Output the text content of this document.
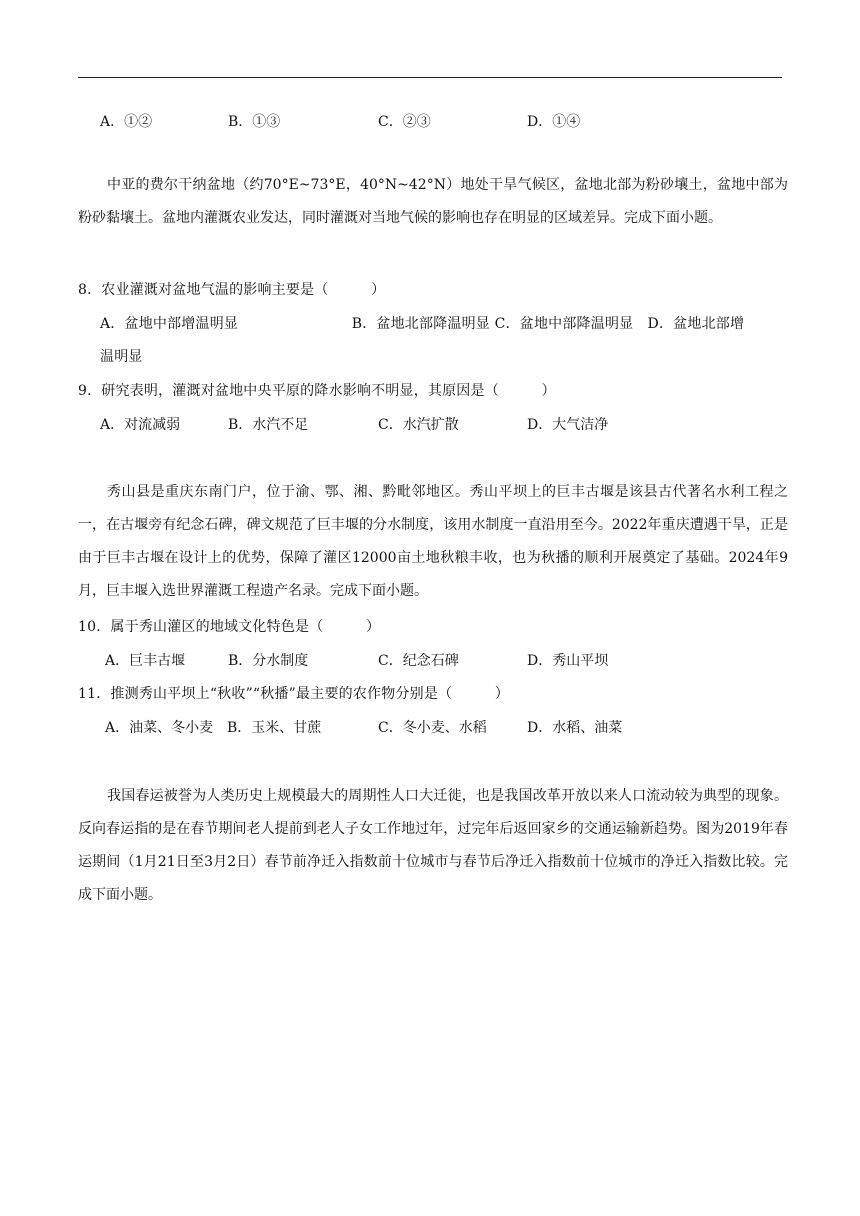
A．①②	B．①③	C．②③	D．①④

中亚的费尔干纳盆地（约70°E~73°E，40°N~42°N）地处干旱气候区，盆地北部为粉砂壤土，盆地中部为粉砂黏壤土。盆地内灌溉农业发达，同时灌溉对当地气候的影响也存在明显的区域差异。完成下面小题。

8．农业灌溉对盆地气温的影响主要是（　　　）
A．盆地中部增温明显　　　　　　　　B．盆地北部降温明显 C．盆地中部降温明显　D．盆地北部增
温明显
9．研究表明，灌溉对盆地中央平原的降水影响不明显，其原因是（　　　）
A．对流减弱	B．水汽不足	C．水汽扩散	D．大气洁净

秀山县是重庆东南门户，位于渝、鄂、湘、黔毗邻地区。秀山平坝上的巨丰古堰是该县古代著名水利工程之一，在古堰旁有纪念石碑，碑文规范了巨丰堰的分水制度，该用水制度一直沿用至今。2022年重庆遭遇干旱，正是由于巨丰古堰在设计上的优势，保障了灌区12000亩土地秋粮丰收，也为秋播的顺利开展奠定了基础。2024年9月，巨丰堰入选世界灌溉工程遗产名录。完成下面小题。

10．属于秀山灌区的地域文化特色是（　　　）
A．巨丰古堰	B．分水制度	C．纪念石碑	D．秀山平坝
11．推测秀山平坝上“秋收”“秋播”最主要的农作物分别是（　　　）
A．油菜、冬小麦 B．玉米、甘蔗	C．冬小麦、水稻	D．水稻、油菜

我国春运被誉为人类历史上规模最大的周期性人口大迁徙，也是我国改革开放以来人口流动较为典型的现象。反向春运指的是在春节期间老人提前到老人子女工作地过年，过完年后返回家乡的交通运输新趋势。图为2019年春运期间（1月21日至3月2日）春节前净迁入指数前十位城市与春节后净迁入指数前十位城市的净迁入指数比较。完成下面小题。
